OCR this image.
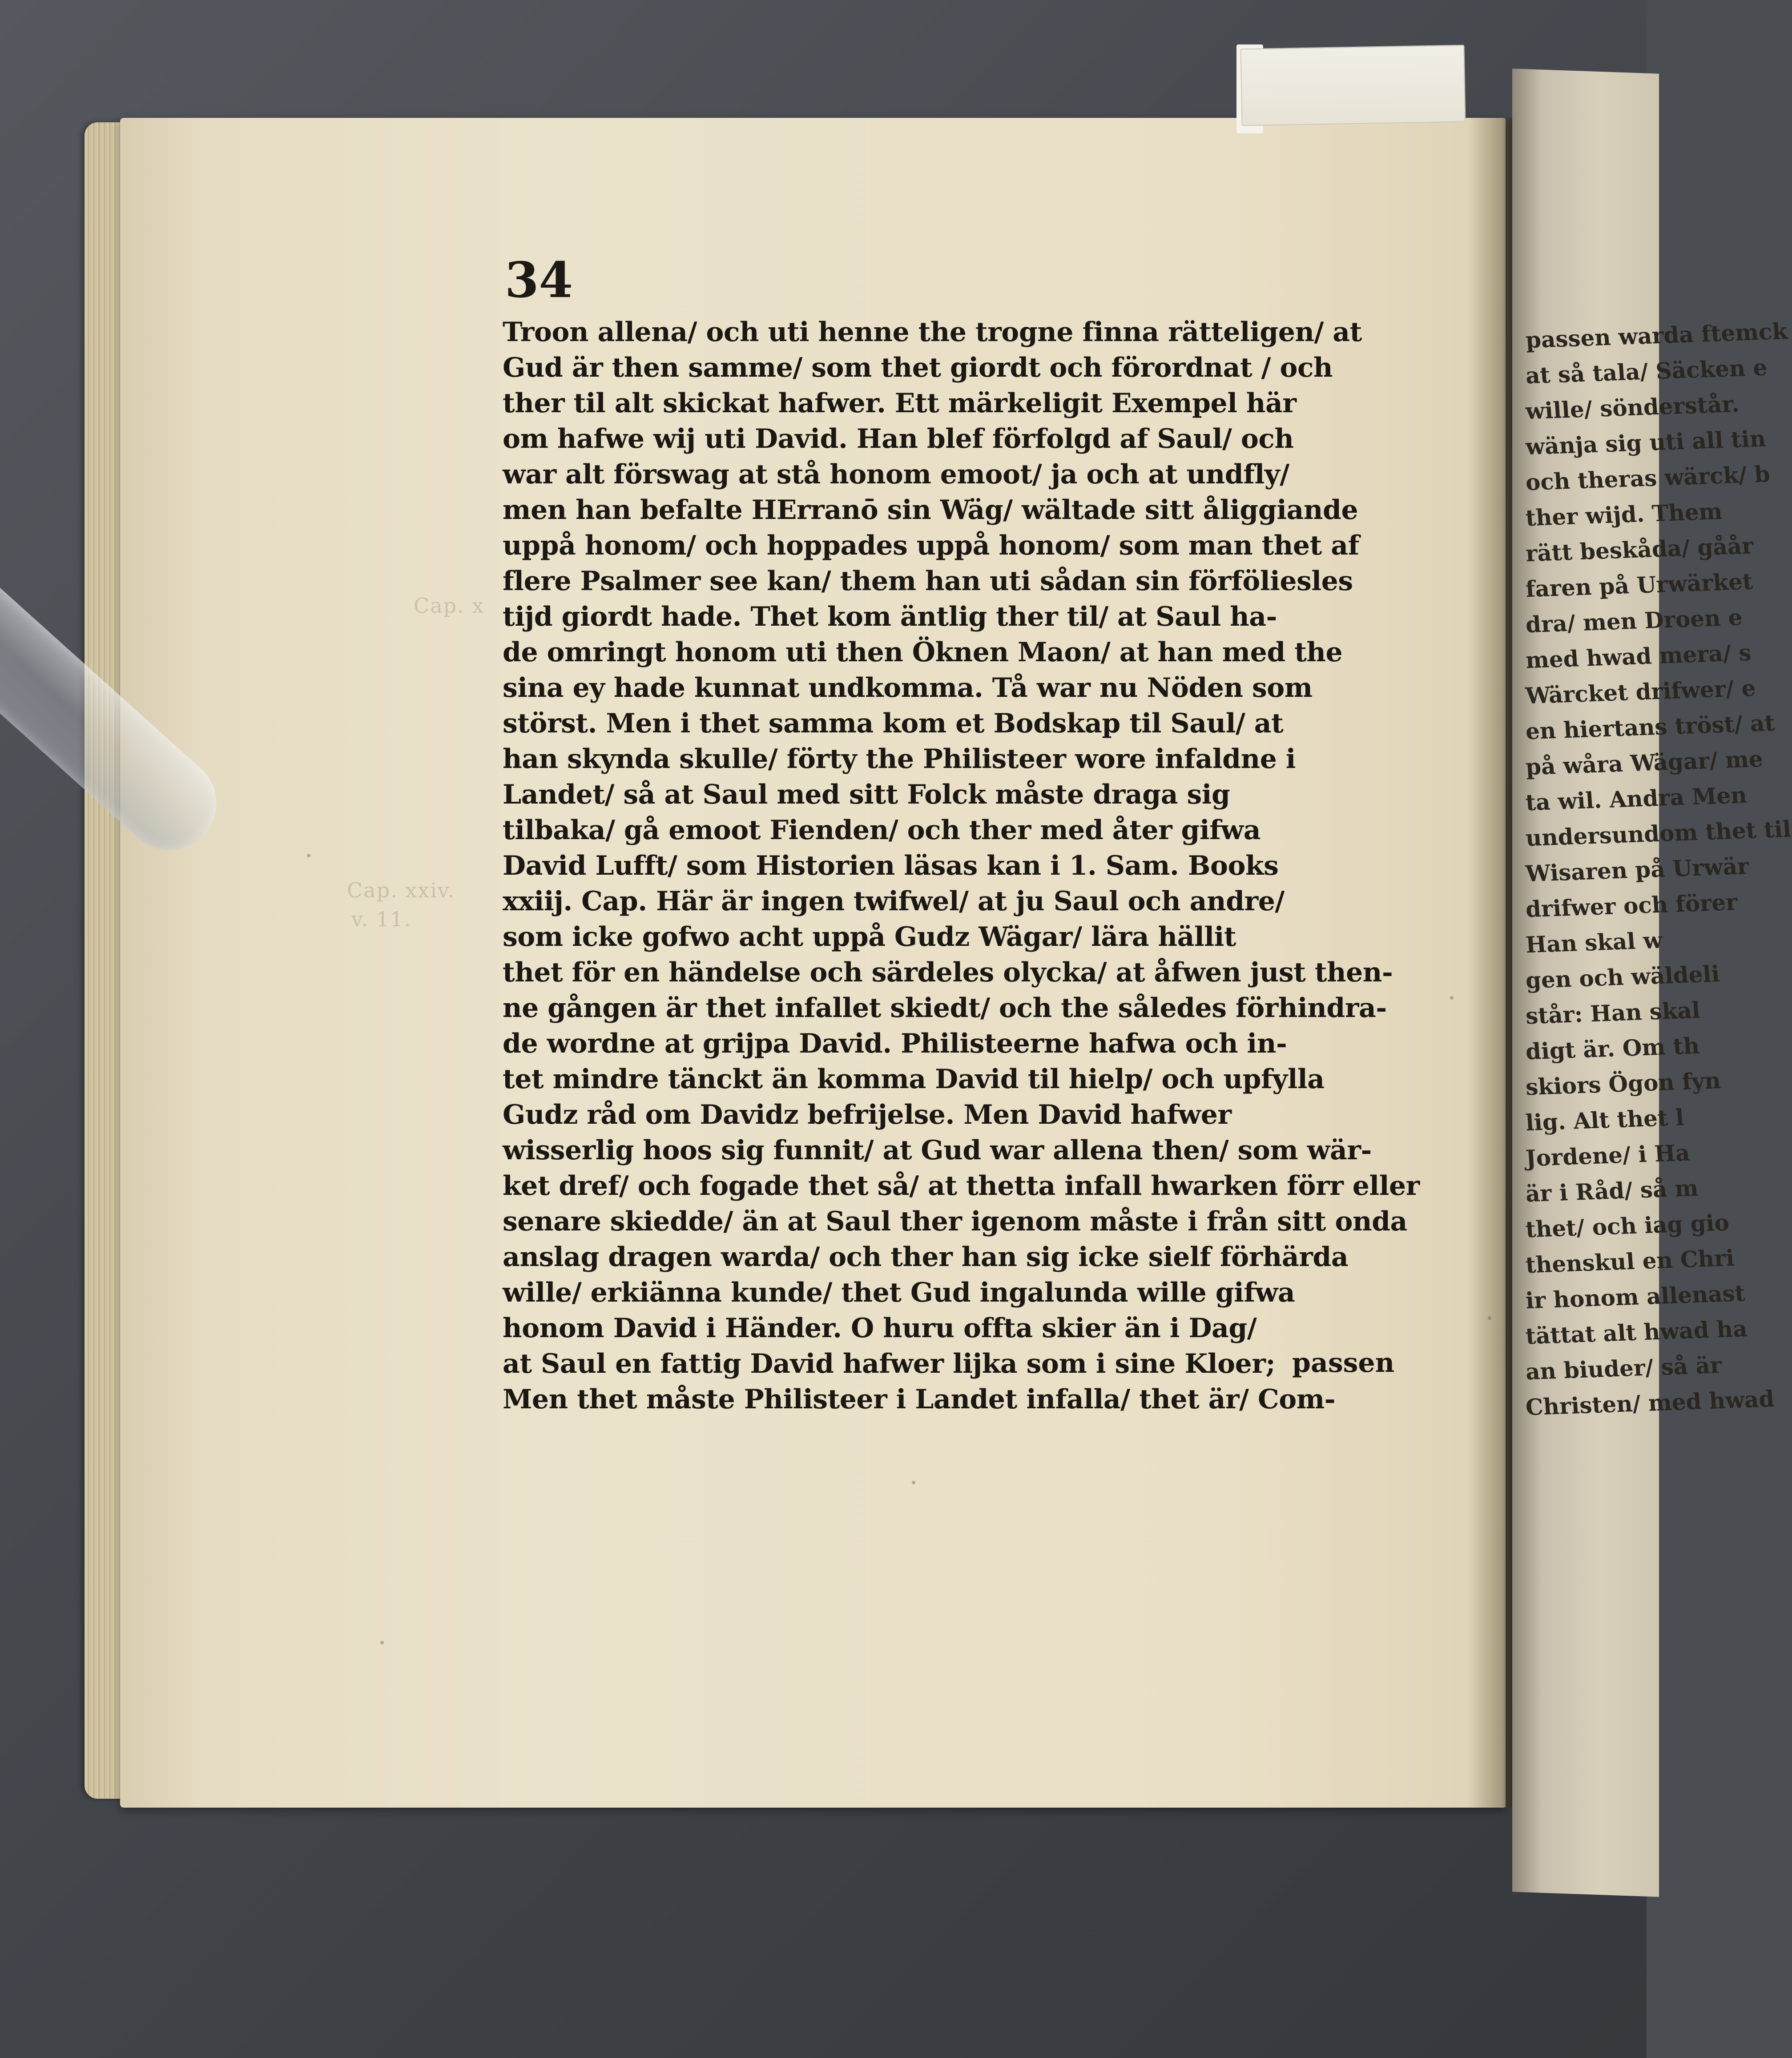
Cap. x
Cap. xxiv.
v. 11.
passen warda ftemck
at så tala/ Säcken e
wille/ sönderstår.
wänja sig uti all tin
och theras wärck/ b
ther wijd. Them
rätt beskåda/ gåår
faren på Urwärket
dra/ men Droen e
med hwad mera/ s
Wärcket drifwer/ e
en hiertans tröst/ at
på wåra Wägar/ me
ta wil. Andra Men
undersundom thet til
Wisaren på Urwär
drifwer och förer
Han skal w
gen och wäldeli
står: Han skal
digt är. Om th
skiors Ögon fyn
lig. Alt thet l
Jordene/ i Ha
är i Råd/ så m
thet/ och iag gio
thenskul en Chri
ir honom allenast
tättat alt hwad ha
an biuder/ så är
Christen/ med hwad
34
Troon allena/ och uti henne the trogne finna rätteligen/ at
Gud är then samme/ som thet giordt och förordnat / och
ther til alt skickat hafwer. Ett märkeligit Exempel här
om hafwe wij uti David. Han blef förfolgd af Saul/ och
war alt förswag at stå honom emoot/ ja och at undfly/
men han befalte HErranō sin Wäg/ wältade sitt åliggiande
uppå honom/ och hoppades uppå honom/ som man thet af
flere Psalmer see kan/ them han uti sådan sin förföliesles
tijd giordt hade. Thet kom äntlig ther til/ at Saul ha-
de omringt honom uti then Öknen Maon/ at han med the
sina ey hade kunnat undkomma. Tå war nu Nöden som
störst. Men i thet samma kom et Bodskap til Saul/ at
han skynda skulle/ förty the Philisteer wore infaldne i
Landet/ så at Saul med sitt Folck måste draga sig
tilbaka/ gå emoot Fienden/ och ther med åter gifwa
David Lufft/ som Historien läsas kan i 1. Sam. Books
xxiij. Cap. Här är ingen twifwel/ at ju Saul och andre/
som icke gofwo acht uppå Gudz Wägar/ lära hällit
thet för en händelse och särdeles olycka/ at åfwen just then-
ne gången är thet infallet skiedt/ och the således förhindra-
de wordne at grijpa David. Philisteerne hafwa och in-
tet mindre tänckt än komma David til hielp/ och upfylla
Gudz råd om Davidz befrijelse. Men David hafwer
wisserlig hoos sig funnit/ at Gud war allena then/ som wär-
ket dref/ och fogade thet så/ at thetta infall hwarken förr eller
senare skiedde/ än at Saul ther igenom måste i från sitt onda
anslag dragen warda/ och ther han sig icke sielf förhärda
wille/ erkiänna kunde/ thet Gud ingalunda wille gifwa
honom David i Händer. O huru offta skier än i Dag/
at Saul en fattig David hafwer lijka som i sine Kloer;
Men thet måste Philisteer i Landet infalla/ thet är/ Com-
passen
